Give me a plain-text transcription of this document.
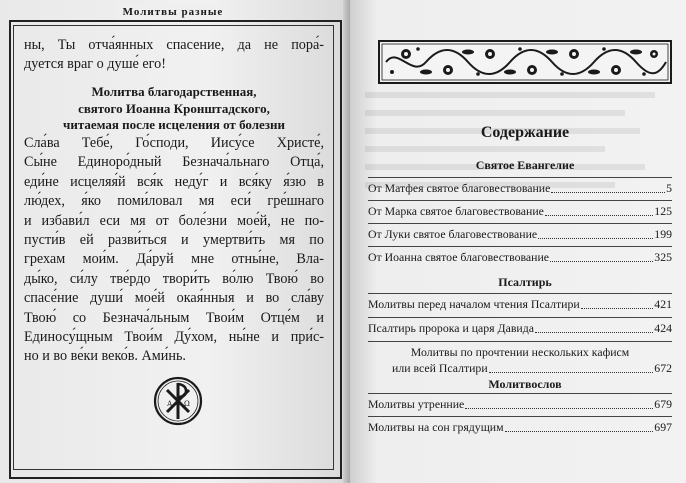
Молитвы разные
ны, Ты отча́янных спасение, да не пора́-
дуется враг о душе́ его!
Молитва благодарственная,
святого Иоанна Кронштадского,
читаемая после исцеления от болезни
Сла́ва Тебе́, Го́споди, Иису́се Христе́,
Сы́не Единоро́дный Безнача́льнаго Отца́,
еди́не исцеляя́й вся́к неду́г и вся́ку я́зю в
лю́дех, я́ко поми́ловал мя еси́ гре́шнаго
и избави́л еси мя от боле́зни мое́й, не по-
пусти́в ей разви́ться и умертви́ть мя по
грехам мои́м. Да́руй мне отны́не, Вла-
ды́ко, си́лу тве́рдо твори́ть во́лю Твою́ во
спасе́ние души́ мое́й окая́нныя и во сла́ву
Твою́ со Безнача́льным Твои́м Отце́м и
Единосу́щным Твои́м Ду́хом, ны́не и при́с-
но и во ве́ки веко́в. Ами́нь.
А Ω
Содержание
Святое Евангелие
От Матфея святое благовествование	5
От Марка святое благовествование	125
От Луки святое благовествование	199
От Иоанна святое благовествование	325
Псалтирь
Молитвы перед началом чтения Псалтири	421
Псалтирь пророка и царя Давида	424
Молитвы по прочтении нескольких кафисм
или всей Псалтири	672
Молитвослов
Молитвы утренние	679
Молитвы на сон грядущим	697
